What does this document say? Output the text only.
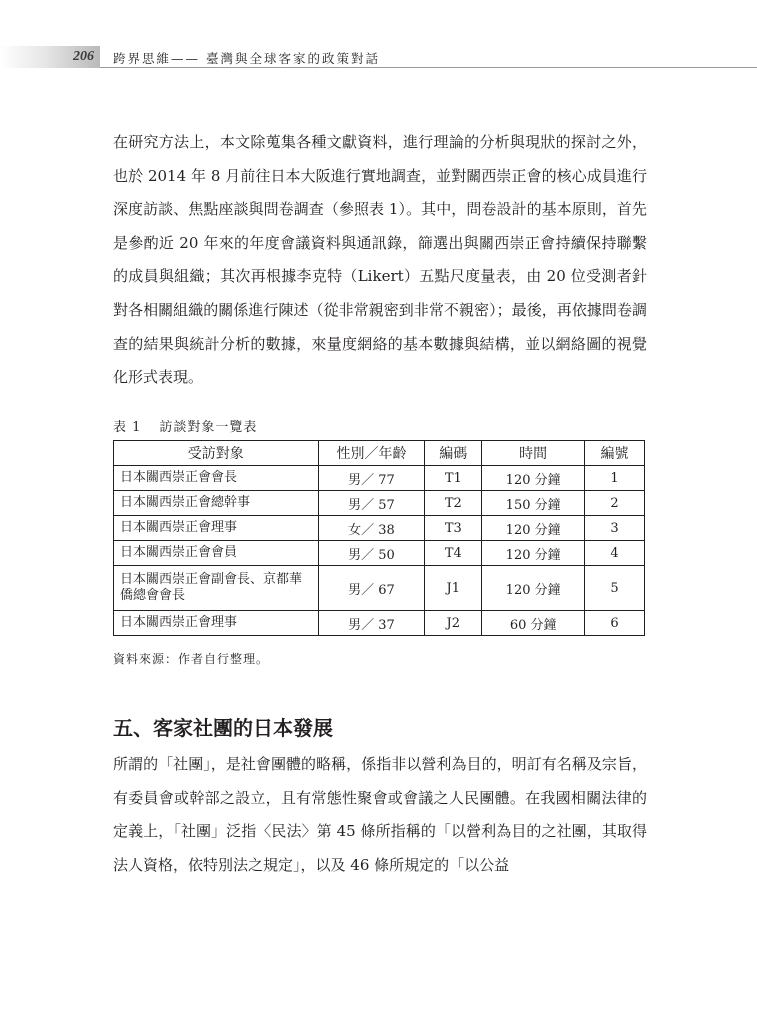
206 跨界思維—— 臺灣與全球客家的政策對話

在研究方法上，本文除蒐集各種文獻資料，進行理論的分析與現狀的探討之外，也於 2014 年 8 月前往日本大阪進行實地調查，並對關西崇正會的核心成員進行深度訪談、焦點座談與問卷調查（參照表 1）。其中，問卷設計的基本原則，首先是參酌近 20 年來的年度會議資料與通訊錄，篩選出與關西崇正會持續保持聯繫的成員與組織；其次再根據李克特（Likert）五點尺度量表，由 20 位受測者針對各相關組織的關係進行陳述（從非常親密到非常不親密）；最後，再依據問卷調查的結果與統計分析的數據，來量度網絡的基本數據與結構，並以網絡圖的視覺化形式表現。

表 1 訪談對象一覽表
受訪對象	性別／年齡	編碼	時間	編號
日本關西崇正會會長	男／ 77	T1	120 分鐘	1
日本關西崇正會總幹事	男／ 57	T2	150 分鐘	2
日本關西崇正會理事	女／ 38	T3	120 分鐘	3
日本關西崇正會會員	男／ 50	T4	120 分鐘	4
日本關西崇正會副會長、京都華僑總會會長	男／ 67	J1	120 分鐘	5
日本關西崇正會理事	男／ 37	J2	60 分鐘	6
資料來源：作者自行整理。
五、客家社團的日本發展

所謂的「社團」，是社會團體的略稱，係指非以營利為目的，明訂有名稱及宗旨，有委員會或幹部之設立，且有常態性聚會或會議之人民團體。在我國相關法律的定義上，「社團」泛指〈民法〉第 45 條所指稱的「以營利為目的之社團，其取得法人資格，依特別法之規定」，以及 46 條所規定的「以公益
